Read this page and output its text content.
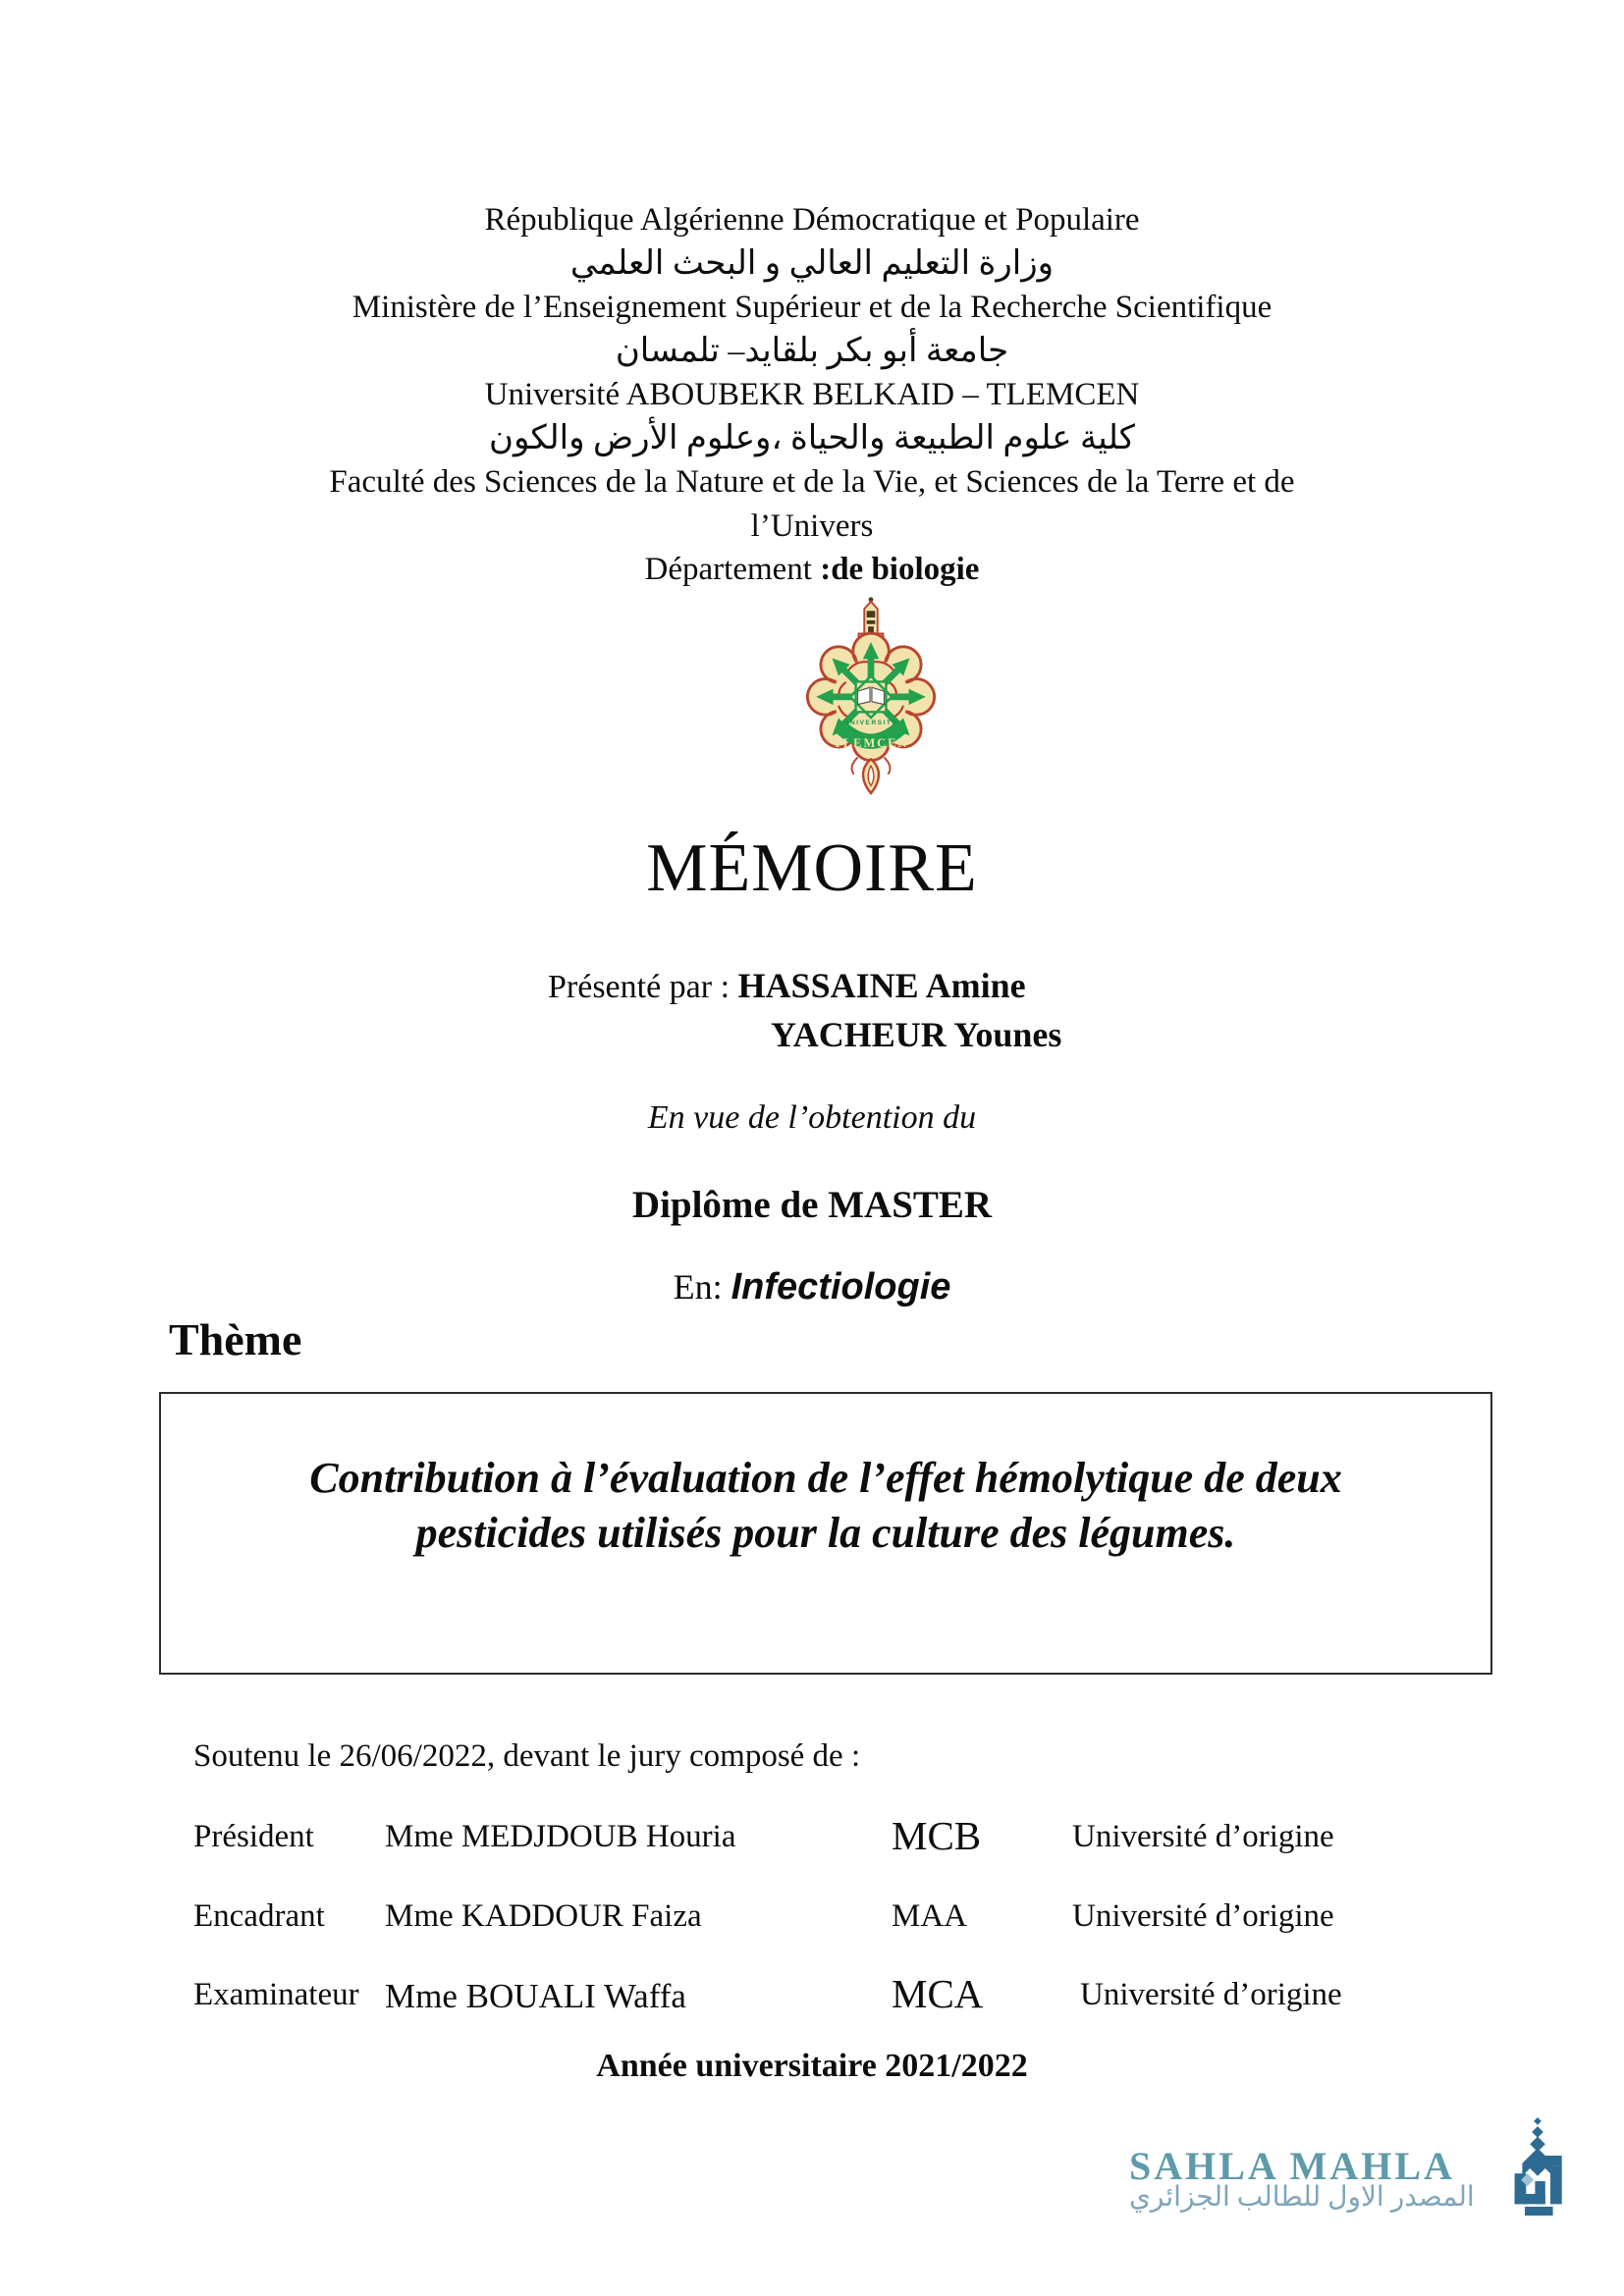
République Algérienne Démocratique et Populaire
وزارة التعليم العالي و البحث العلمي
Ministère de l’Enseignement Supérieur et de la Recherche Scientifique
جامعة أبو بكر بلقايد– تلمسان
Université ABOUBEKR BELKAID – TLEMCEN
كلية علوم الطبيعة والحياة ،وعلوم الأرض والكون
Faculté des Sciences de la Nature et de la Vie, et Sciences de la Terre et de
l’Univers
Département :de biologie
UNIVERSITE
TLEMCEN
MÉMOIRE
Présenté par : HASSAINE Amine
YACHEUR Younes
En vue de l’obtention du
Diplôme de MASTER
En: Infectiologie
Thème
Contribution à l’évaluation de l’effet hémolytique de deux
pesticides utilisés pour la culture des légumes.
Soutenu le 26/06/2022, devant le jury composé de :
Président Mme MEDJDOUB Houria	MCB	Université d’origine
Encadrant Mme KADDOUR Faiza	MAA	Université d’origine
Examinateur Mme BOUALI Waffa	MCA	Université d’origine
Année universitaire 2021/2022
SAHLA MAHLA
المصدر الاول للطالب الجزائري
